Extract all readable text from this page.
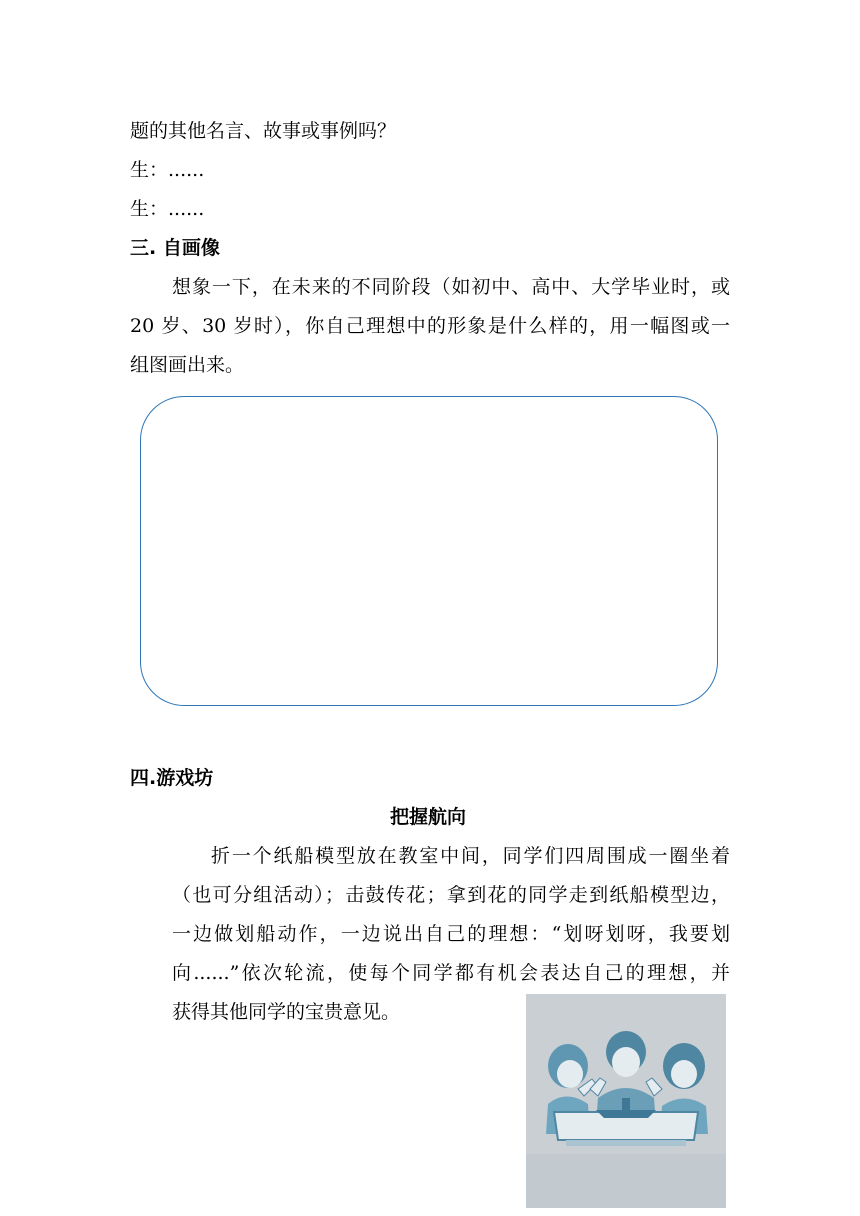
题的其他名言、故事或事例吗？
生：......
生：......
三. 自画像
想象一下，在未来的不同阶段（如初中、高中、大学毕业时，或
20 岁、30 岁时），你自己理想中的形象是什么样的，用一幅图或一
组图画出来。
四.游戏坊
把握航向
折一个纸船模型放在教室中间，同学们四周围成一圈坐着
（也可分组活动）；击鼓传花；拿到花的同学走到纸船模型边，
一边做划船动作，一边说出自己的理想：“划呀划呀，我要划
向......”依次轮流，使每个同学都有机会表达自己的理想，并
获得其他同学的宝贵意见。
